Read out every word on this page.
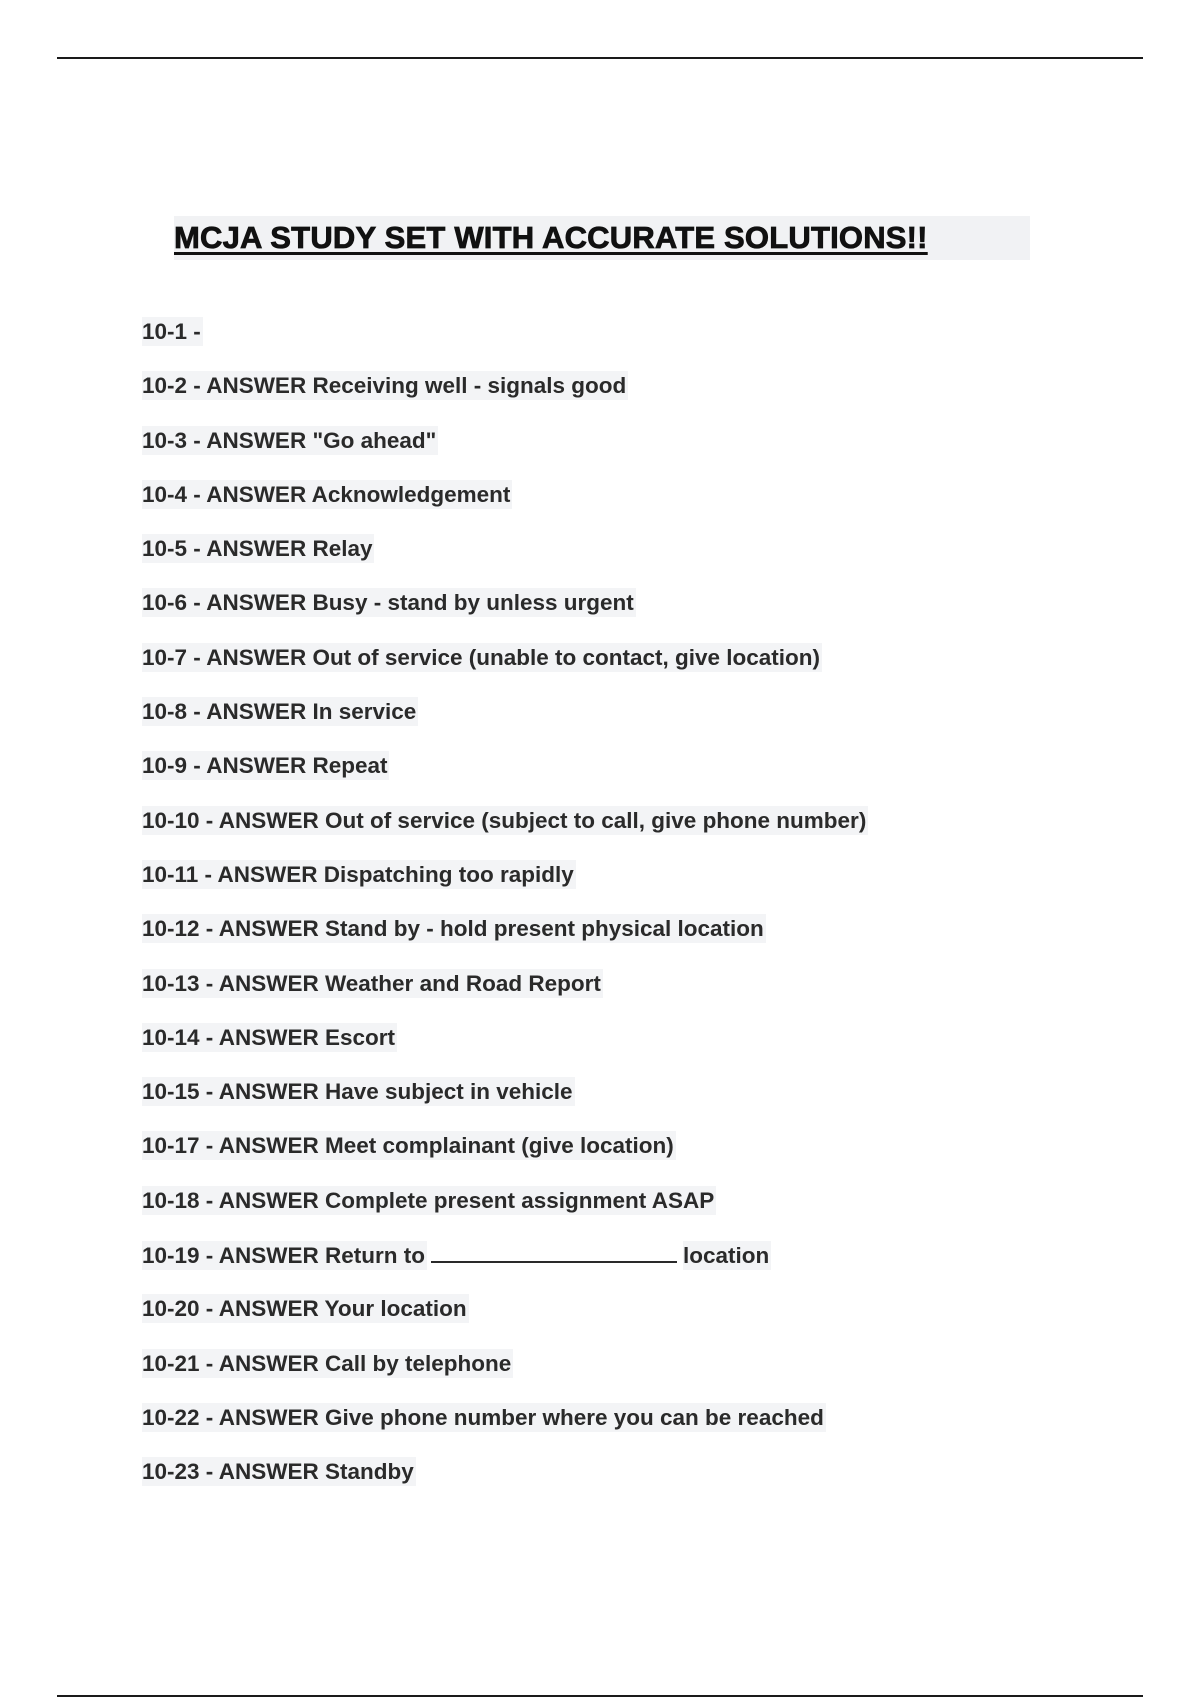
MCJA STUDY SET WITH ACCURATE SOLUTIONS!!
10-1 -
10-2 - ANSWER Receiving well - signals good
10-3 - ANSWER "Go ahead"
10-4 - ANSWER Acknowledgement
10-5 - ANSWER Relay
10-6 - ANSWER Busy - stand by unless urgent
10-7 - ANSWER Out of service (unable to contact, give location)
10-8 - ANSWER In service
10-9 - ANSWER Repeat
10-10 - ANSWER Out of service (subject to call, give phone number)
10-11 - ANSWER Dispatching too rapidly
10-12 - ANSWER Stand by - hold present physical location
10-13 - ANSWER Weather and Road Report
10-14 - ANSWER Escort
10-15 - ANSWER Have subject in vehicle
10-17 - ANSWER Meet complainant (give location)
10-18 - ANSWER Complete present assignment ASAP
10-19 - ANSWER Return to	location
10-20 - ANSWER Your location
10-21 - ANSWER Call by telephone
10-22 - ANSWER Give phone number where you can be reached
10-23 - ANSWER Standby
